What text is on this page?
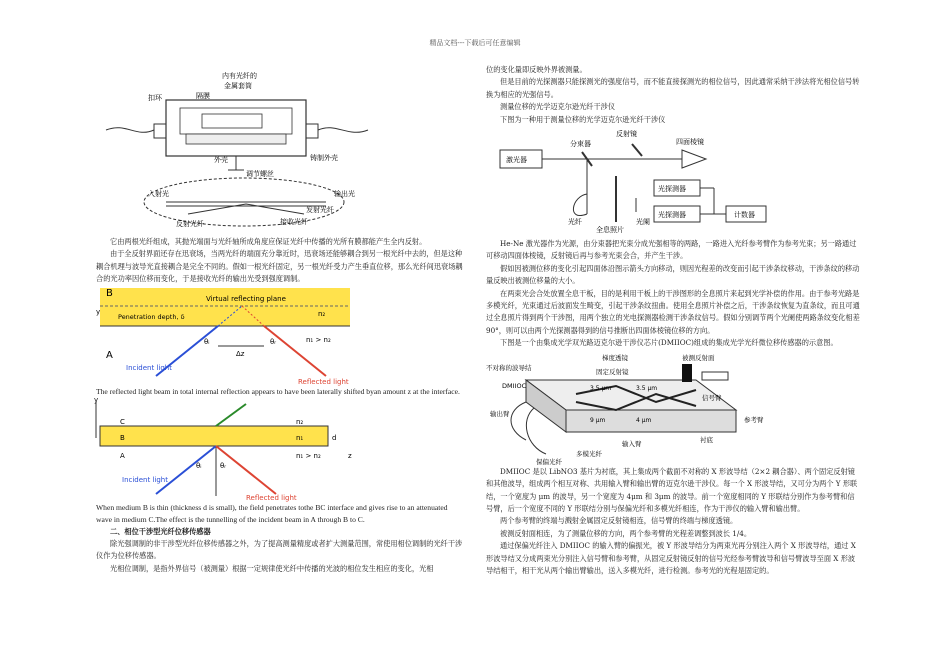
精品文档---下载后可任意编辑
内有光纤的
金属套筒
扣环	隔膜
铸制外壳
外壳
调节螺丝
入射光	输出光
反射光纤	接收光纤
发射光纤

它由两根光纤组成，其抛光端面与光纤轴所成角度应保证光纤中传播的光所有膜都能产生全内反射。

由于全反射界面还存在迅衰场，当两光纤的端面充分靠近时，迅衰场还能够耦合到另一根光纤中去的，但是这种耦合机理与波导光直接耦合是完全不同的。假如一根光纤固定，另一根光纤受力产生垂直位移，那么光纤间迅衰场耦合的光功率因位移而变化，于是接收光纤的输出光受到强度调制。

B
A
y
Virtual reflecting plane
Penetration depth, δ	n₂
n₁ > n₂
Δz
θᵢ	θᵣ
Incident light
Reflected light

The reflected light beam in total internal reflection appears to have been laterally shifted byan amount z at the interface.

y
C
B
A
n₂
n₁
n₁ > n₂
d
z
θᵢ	θᵣ
Incident light
Reflected light

When medium B is thin (thickness d is small), the field penetrates tothe BC interface and gives rise to an attenuated wave in medium C.The effect is the tunnelling of the incident beam in A through B to C.

二、相位干涉型光纤位移传感器

除光强调制的非干涉型光纤位移传感器之外，为了提高测量精度或者扩大测量范围，常使用相位调制的光纤干涉仪作为位移传感器。

光相位调制，是指外界信号（被测量）根据一定规律使光纤中传播的光波的相位发生相应的变化，光相

位的变化量即反映外界被测量。

但是目前的光探测器只能探测光的强度信号，而不能直接探测光的相位信号，因此通常采纳干涉法将光相位信号转换为相应的光强信号。

测量位移的光学迈克尔逊光纤干涉仪

下图为一种用于测量位移的光学迈克尔逊光纤干涉仪

激光器
分束器
反射镜
四面棱镜
光纤
全息照片
光阑
光探测器
光探测器	计数器

He-Ne 激光器作为光源，由分束器把光束分成光强相等的两路，一路进入光纤参考臂作为参考光束；另一路通过可移动四面体棱镜，反射镜后再与参考光束会合，并产生干涉。

假如因被测位移的变化引起四面体沿图示箭头方向移动，则因光程差的改变而引起干涉条纹移动，干涉条纹的移动量反映出被测位移量的大小。

在两束光会合处放置全息干板，目的是利用干板上的干涉图形的全息照片来起到光学补偿的作用。由于参考光路是多模光纤，光束通过后波面发生畸变，引起干涉条纹扭曲。使用全息照片补偿之后，干涉条纹恢复为直条纹，而且可通过全息照片得到两个干涉图，用两个独立的光电探测器检测干涉条纹信号。假如分别调节两个光阑使两路条纹变化相差 90°，则可以由两个光探测器得到的信号推断出四面体棱镜位移的方向。

下图是一个由集成光学双光路迈克尔逊干涉仪芯片(DMIIOC)组成的集成光学光纤微位移传感器的示意图。

梯度透镜	被测反射面
不对称的波导结	固定反射镜
DMIIOC
输出臂
信号臂
参考臂
衬底
输入臂
多模光纤
保偏光纤
3.5 μm	3.5 μm
9 μm	4 μm

DMIIOC 是以 LibNO3 基片为衬底，其上集成两个截面不对称的 X 形波导结（2×2 耦合器）、两个固定反射镜和其他波导，组成两个相互对称、共用输入臂和输出臂的迈克尔逊干涉仪。每一个 X 形波导结，又可分为两个 Y 形联结，一个宽度为 μm 的波导，另一个宽度为 4μm 和 3μm 的波导。前一个宽度相同的 Y 形联结分别作为参考臂和信号臂，后一个宽度不同的 Y 形联结分别与保偏光纤和多模光纤相连，作为干涉仪的输入臂和输出臂。

两个参考臂的终端与溅射金属固定反射镜相连，信号臂的终端与梯度透镜。

被测反射面相连，为了测量位移的方向，两个参考臂的光程差调整到波长 1/4。

通过保偏光纤注入 DMIIOC 的输入臂的偏振光，被 Y 形波导结分为两束光再分别注入两个 X 形波导结，通过 X 形波导结又分成两束光分别注入信号臂和参考臂，从固定反射镜反射的信号光经参考臂波导和信号臂波导至面 X 形波导结相干，相干光从两个输出臂输出，送入多模光纤，进行检测。参考光的光程是固定的。
